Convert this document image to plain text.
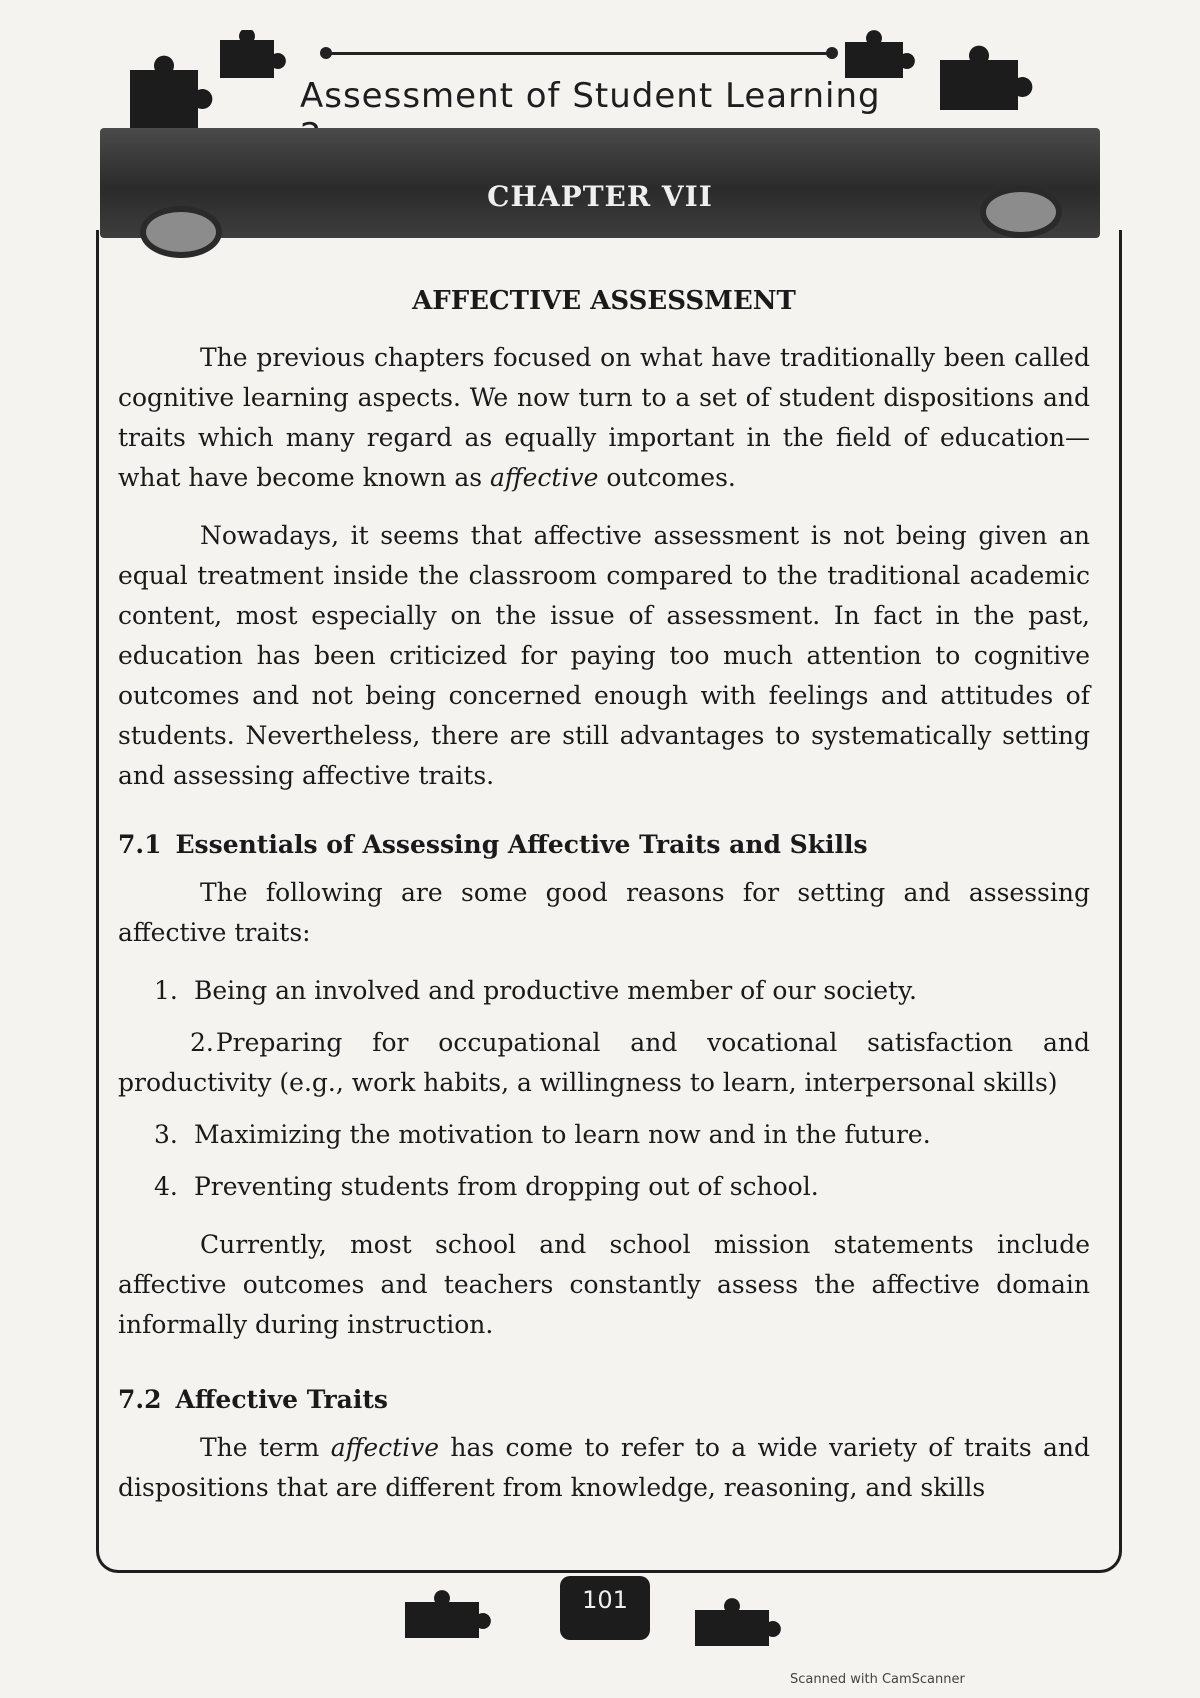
Assessment of Student Learning
CHAPTER VII
AFFECTIVE ASSESSMENT

The previous chapters focused on what have traditionally been called cognitive learning aspects. We now turn to a set of student dispositions and traits which many regard as equally important in the field of education—what have become known as affective outcomes.

Nowadays, it seems that affective assessment is not being given an equal treatment inside the classroom compared to the traditional academic content, most especially on the issue of assessment. In fact in the past, education has been criticized for paying too much attention to cognitive outcomes and not being concerned enough with feelings and attitudes of students. Nevertheless, there are still advantages to systematically setting and assessing affective traits.

7.1 Essentials of Assessing Affective Traits and Skills

The following are some good reasons for setting and assessing affective traits:

1. Being an involved and productive member of our society.
2. Preparing for occupational and vocational satisfaction and productivity (e.g., work habits, a willingness to learn, interpersonal skills)
3. Maximizing the motivation to learn now and in the future.
4. Preventing students from dropping out of school.

Currently, most school and school mission statements include affective outcomes and teachers constantly assess the affective domain informally during instruction.

7.2 Affective Traits

The term affective has come to refer to a wide variety of traits and dispositions that are different from knowledge, reasoning, and skills

101
Scanned with CamScanner
